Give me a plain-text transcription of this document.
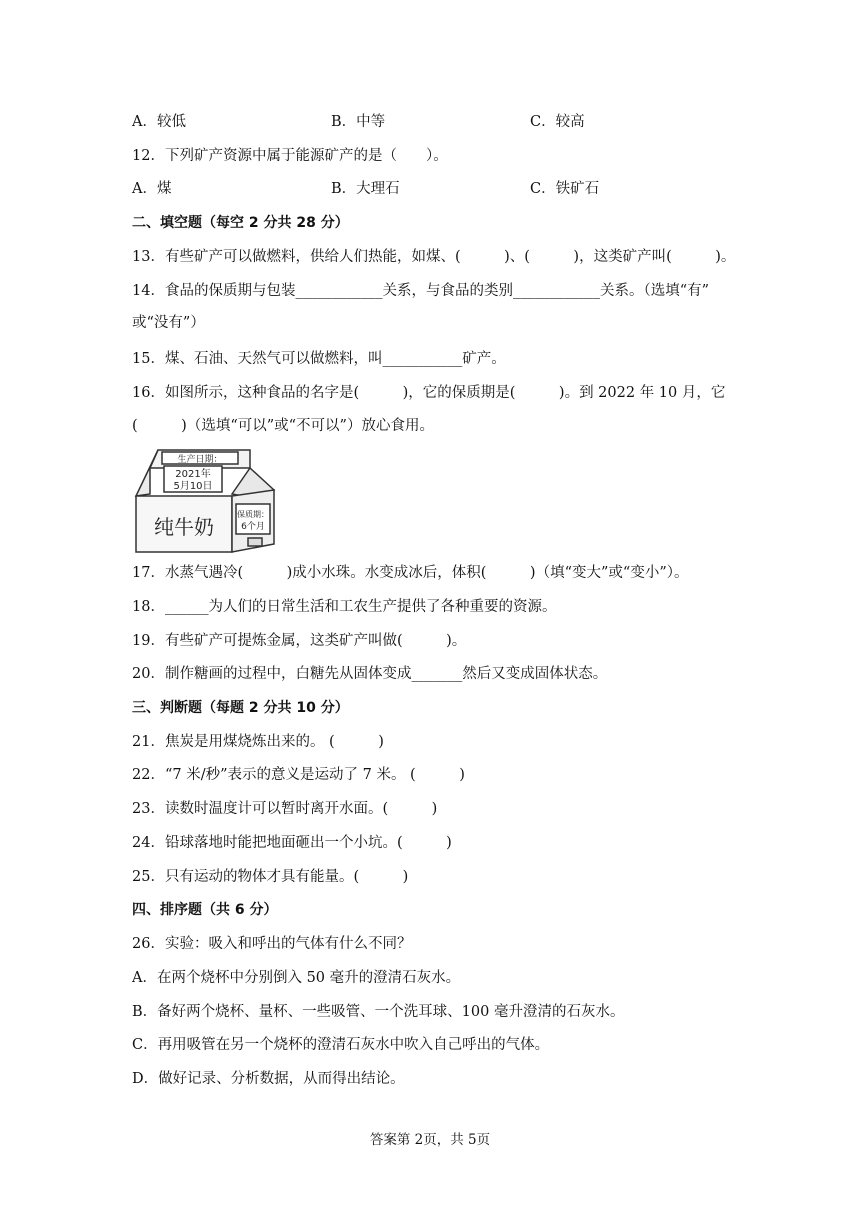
A．较低	B．中等	C．较高
12．下列矿产资源中属于能源矿产的是（　　）。
A．煤	B．大理石	C．铁矿石
二、填空题（每空 2 分共 28 分）
13．有些矿产可以做燃料，供给人们热能，如煤、(　　　)、(　　　)，这类矿产叫(　　　)。
14．食品的保质期与包装____________关系，与食品的类别____________关系。（选填“有”
或“没有”）
15．煤、石油、天然气可以做燃料，叫___________矿产。
16．如图所示，这种食品的名字是(　　　)，它的保质期是(　　　)。到 2022 年 10 月，它
(　　　)（选填“可以”或“不可以”）放心食用。
生产日期：
2021年
5月10日
纯牛奶
保质期：
6个月
17．水蒸气遇冷(　　　)成小水珠。水变成冰后，体积(　　　)（填“变大”或“变小”）。
18．______为人们的日常生活和工农生产提供了各种重要的资源。
19．有些矿产可提炼金属，这类矿产叫做(　　　)。
20．制作糖画的过程中，白糖先从固体变成_______然后又变成固体状态。
三、判断题（每题 2 分共 10 分）
21．焦炭是用煤烧炼出来的。 (　　　)
22．“7 米/秒”表示的意义是运动了 7 米。 (　　　)
23．读数时温度计可以暂时离开水面。(　　　)
24．铅球落地时能把地面砸出一个小坑。(　　　)
25．只有运动的物体才具有能量。(　　　)
四、排序题（共 6 分）
26．实验：吸入和呼出的气体有什么不同？
A．在两个烧杯中分别倒入 50 毫升的澄清石灰水。
B．备好两个烧杯、量杯、一些吸管、一个洗耳球、100 毫升澄清的石灰水。
C．再用吸管在另一个烧杯的澄清石灰水中吹入自己呼出的气体。
D．做好记录、分析数据，从而得出结论。
答案第 2页，共 5页
